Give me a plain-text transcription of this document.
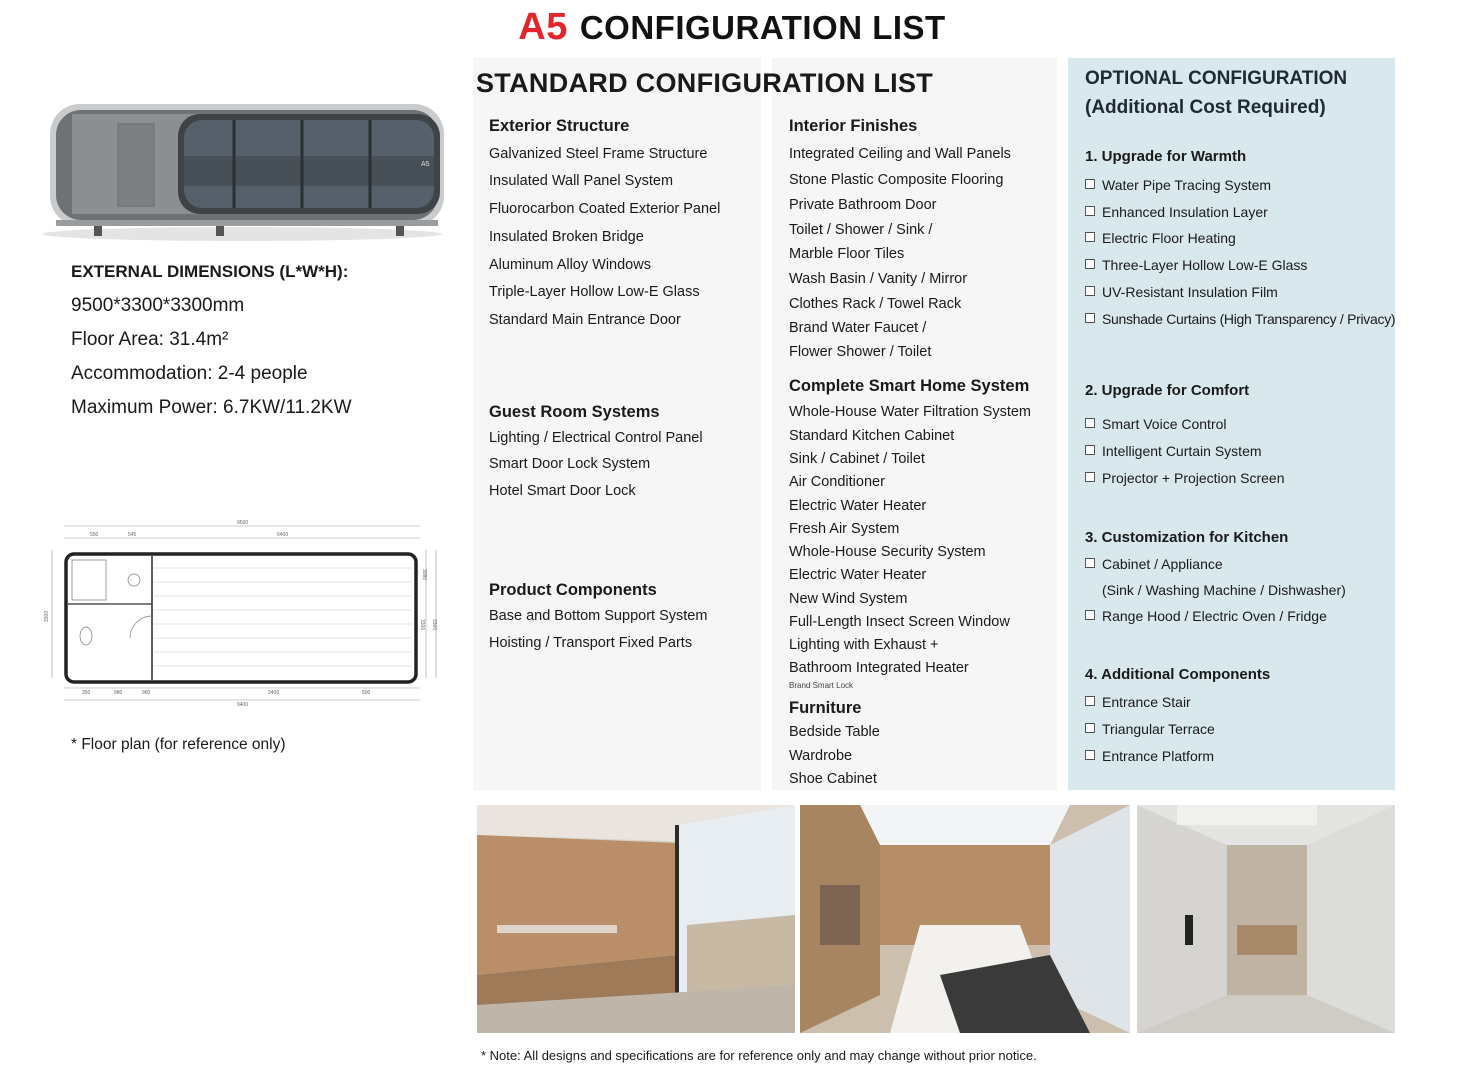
A5 CONFIGURATION LIST
A5
EXTERNAL DIMENSIONS (L*W*H):
9500*3300*3300mm
Floor Area: 31.4m²
Accommodation: 2-4 people
Maximum Power: 6.7KW/11.2KW
9500
550	545	6400
9400
350	980	960	2400	500
3300
3080
3300 3300
* Floor plan (for reference only)
STANDARD CONFIGURATION LIST
Exterior Structure
Galvanized Steel Frame Structure
Insulated Wall Panel System
Fluorocarbon Coated Exterior Panel
Insulated Broken Bridge
Aluminum Alloy Windows
Triple-Layer Hollow Low-E Glass
Standard Main Entrance Door
Guest Room Systems
Lighting / Electrical Control Panel
Smart Door Lock System
Hotel Smart Door Lock
Product Components
Base and Bottom Support System
Hoisting / Transport Fixed Parts
Interior Finishes
Integrated Ceiling and Wall Panels
Stone Plastic Composite Flooring
Private Bathroom Door
Toilet / Shower / Sink /
Marble Floor Tiles
Wash Basin / Vanity / Mirror
Clothes Rack / Towel Rack
Brand Water Faucet /
Flower Shower / Toilet
Complete Smart Home System
Whole-House Water Filtration System
Standard Kitchen Cabinet
Sink / Cabinet / Toilet
Air Conditioner
Electric Water Heater
Fresh Air System
Whole-House Security System
Electric Water Heater
New Wind System
Full-Length Insect Screen Window
Lighting with Exhaust +
Bathroom Integrated Heater
Brand Smart Lock
Furniture
Bedside Table
Wardrobe
Shoe Cabinet
OPTIONAL CONFIGURATION
(Additional Cost Required)
1. Upgrade for Warmth
Water Pipe Tracing System
Enhanced Insulation Layer
Electric Floor Heating
Three-Layer Hollow Low-E Glass
UV-Resistant Insulation Film
Sunshade Curtains (High Transparency / Privacy)
2. Upgrade for Comfort
Smart Voice Control
Intelligent Curtain System
Projector + Projection Screen
3. Customization for Kitchen
Cabinet / Appliance
(Sink / Washing Machine / Dishwasher)
Range Hood / Electric Oven / Fridge
4. Additional Components
Entrance Stair
Triangular Terrace
Entrance Platform
* Note: All designs and specifications are for reference only and may change without prior notice.
